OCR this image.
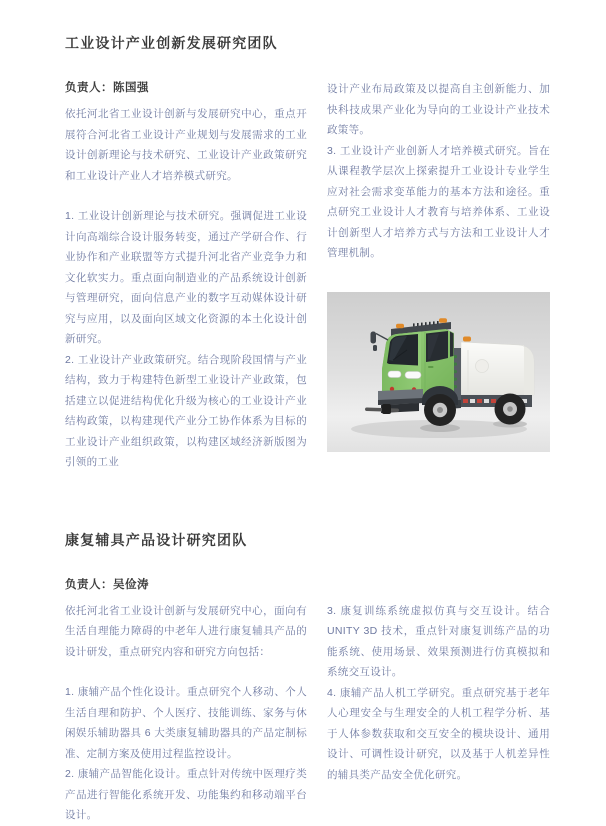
工业设计产业创新发展研究团队

负责人：陈国强

依托河北省工业设计创新与发展研究中心，重点开展符合河北省工业设计产业规划与发展需求的工业设计创新理论与技术研究、工业设计产业政策研究和工业设计产业人才培养模式研究。

1. 工业设计创新理论与技术研究。强调促进工业设计向高端综合设计服务转变，通过产学研合作、行业协作和产业联盟等方式提升河北省产业竞争力和文化软实力。重点面向制造业的产品系统设计创新与管理研究，面向信息产业的数字互动媒体设计研究与应用，以及面向区域文化资源的本土化设计创新研究。

2. 工业设计产业政策研究。结合现阶段国情与产业结构，致力于构建特色新型工业设计产业政策，包括建立以促进结构优化升级为核心的工业设计产业结构政策，以构建现代产业分工协作体系为目标的工业设计产业组织政策，以构建区域经济新版图为引领的工业

设计产业布局政策及以提高自主创新能力、加快科技成果产业化为导向的工业设计产业技术政策等。

3. 工业设计产业创新人才培养模式研究。旨在从课程教学层次上探索提升工业设计专业学生应对社会需求变革能力的基本方法和途径。重点研究工业设计人才教育与培养体系、工业设计创新型人才培养方式与方法和工业设计人才管理机制。

康复辅具产品设计研究团队

负责人：吴俭涛

依托河北省工业设计创新与发展研究中心，面向有生活自理能力障碍的中老年人进行康复辅具产品的设计研发，重点研究内容和研究方向包括：

1. 康辅产品个性化设计。重点研究个人移动、个人生活自理和防护、个人医疗、技能训练、家务与休闲娱乐辅助器具 6 大类康复辅助器具的产品定制标准、定制方案及使用过程监控设计。

2. 康辅产品智能化设计。重点针对传统中医理疗类产品进行智能化系统开发、功能集约和移动端平台设计。

3. 康复训练系统虚拟仿真与交互设计。结合 UNITY 3D 技术，重点针对康复训练产品的功能系统、使用场景、效果预测进行仿真模拟和系统交互设计。

4. 康辅产品人机工学研究。重点研究基于老年人心理安全与生理安全的人机工程学分析、基于人体参数获取和交互安全的模块设计、通用设计、可调性设计研究，以及基于人机差异性的辅具类产品安全优化研究。
